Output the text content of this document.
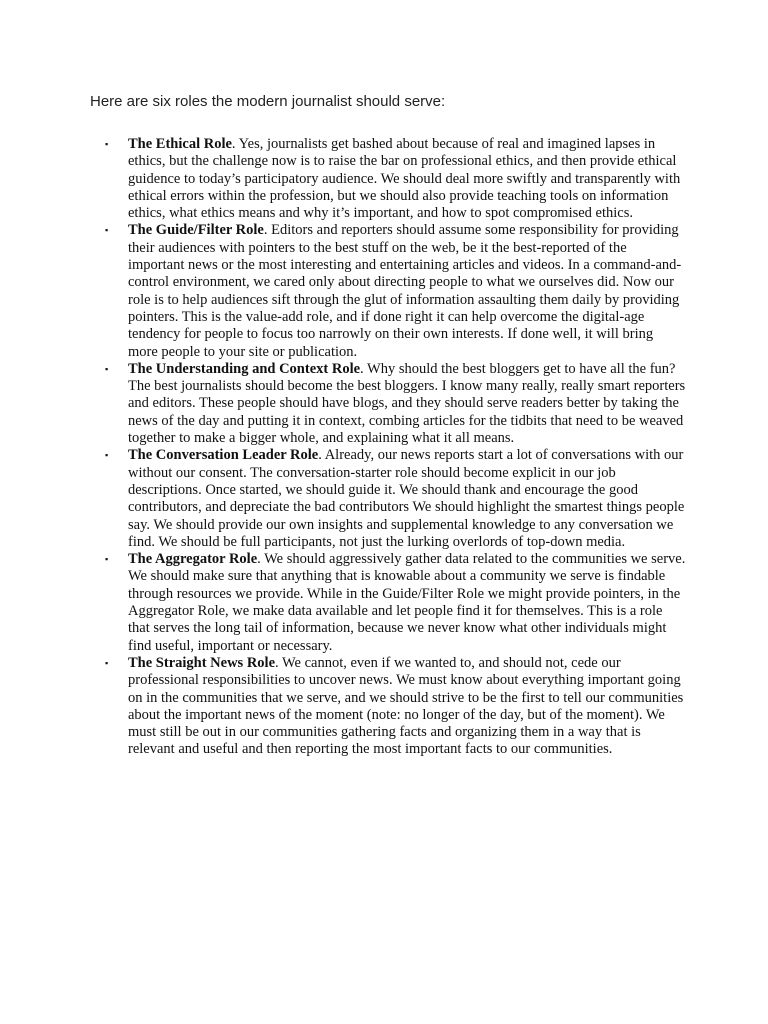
Here are six roles the modern journalist should serve:

▪ The Ethical Role. Yes, journalists get bashed about because of real and imagined lapses in ethics, but the challenge now is to raise the bar on professional ethics, and then provide ethical guidence to today’s participatory audience. We should deal more swiftly and transparently with ethical errors within the profession, but we should also provide teaching tools on information ethics, what ethics means and why it’s important, and how to spot compromised ethics.
▪ The Guide/Filter Role. Editors and reporters should assume some responsibility for providing their audiences with pointers to the best stuff on the web, be it the best-reported of the important news or the most interesting and entertaining articles and videos. In a command-and-control environment, we cared only about directing people to what we ourselves did. Now our role is to help audiences sift through the glut of information assaulting them daily by providing pointers. This is the value-add role, and if done right it can help overcome the digital-age tendency for people to focus too narrowly on their own interests. If done well, it will bring more people to your site or publication.
▪ The Understanding and Context Role. Why should the best bloggers get to have all the fun? The best journalists should become the best bloggers. I know many really, really smart reporters and editors. These people should have blogs, and they should serve readers better by taking the news of the day and putting it in context, combing articles for the tidbits that need to be weaved together to make a bigger whole, and explaining what it all means.
▪ The Conversation Leader Role. Already, our news reports start a lot of conversations with our without our consent. The conversation-starter role should become explicit in our job descriptions. Once started, we should guide it. We should thank and encourage the good contributors, and depreciate the bad contributors We should highlight the smartest things people say. We should provide our own insights and supplemental knowledge to any conversation we find. We should be full participants, not just the lurking overlords of top-down media.
▪ The Aggregator Role. We should aggressively gather data related to the communities we serve. We should make sure that anything that is knowable about a community we serve is findable through resources we provide. While in the Guide/Filter Role we might provide pointers, in the Aggregator Role, we make data available and let people find it for themselves. This is a role that serves the long tail of information, because we never know what other individuals might find useful, important or necessary.
▪ The Straight News Role. We cannot, even if we wanted to, and should not, cede our professional responsibilities to uncover news. We must know about everything important going on in the communities that we serve, and we should strive to be the first to tell our communities about the important news of the moment (note: no longer of the day, but of the moment). We must still be out in our communities gathering facts and organizing them in a way that is relevant and useful and then reporting the most important facts to our communities.
